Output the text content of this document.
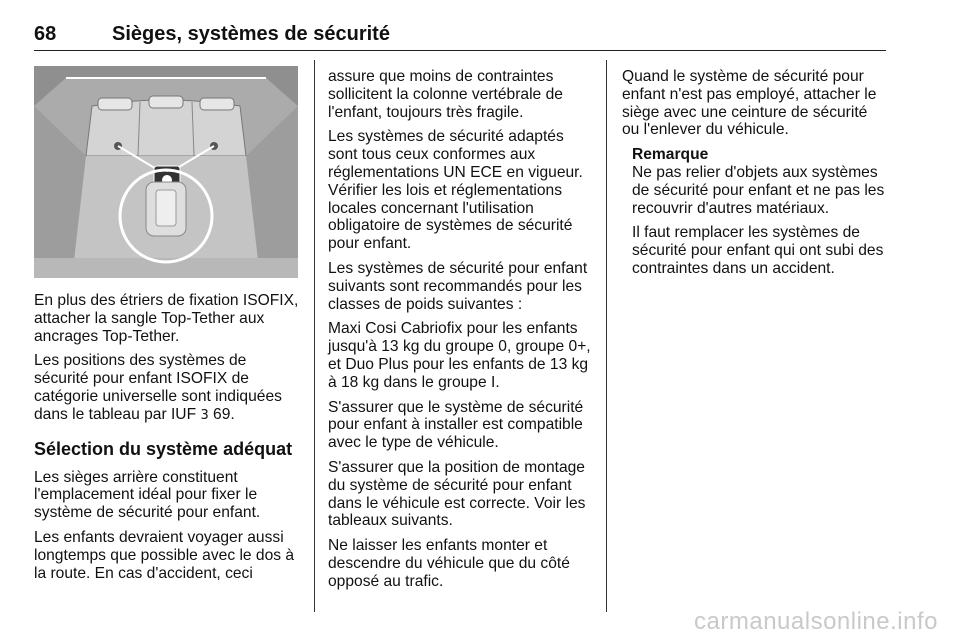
68	Sièges, systèmes de sécurité
TOP-TETHER

En plus des étriers de fixation ISOFIX, attacher la sangle Top-Tether aux ancrages Top-Tether.

Les positions des systèmes de sécurité pour enfant ISOFIX de catégorie universelle sont indiquées dans le tableau par IUF 3 69.

Sélection du système adéquat

Les sièges arrière constituent l'emplacement idéal pour fixer le système de sécurité pour enfant.

Les enfants devraient voyager aussi longtemps que possible avec le dos à la route. En cas d'accident, ceci

assure que moins de contraintes sollicitent la colonne vertébrale de l'enfant, toujours très fragile.

Les systèmes de sécurité adaptés sont tous ceux conformes aux réglementations UN ECE en vigueur. Vérifier les lois et réglementations locales concernant l'utilisation obligatoire de systèmes de sécurité pour enfant.

Les systèmes de sécurité pour enfant suivants sont recommandés pour les classes de poids suivantes :

Maxi Cosi Cabriofix pour les enfants jusqu'à 13 kg du groupe 0, groupe 0+, et Duo Plus pour les enfants de 13 kg à 18 kg dans le groupe I.

S'assurer que le système de sécurité pour enfant à installer est compatible avec le type de véhicule.

S'assurer que la position de montage du système de sécurité pour enfant dans le véhicule est correcte. Voir les tableaux suivants.

Ne laisser les enfants monter et descendre du véhicule que du côté opposé au trafic.

Quand le système de sécurité pour enfant n'est pas employé, attacher le siège avec une ceinture de sécurité ou l'enlever du véhicule.

Remarque

Ne pas relier d'objets aux systèmes de sécurité pour enfant et ne pas les recouvrir d'autres matériaux.

Il faut remplacer les systèmes de sécurité pour enfant qui ont subi des contraintes dans un accident.

carmanualsonline.info
